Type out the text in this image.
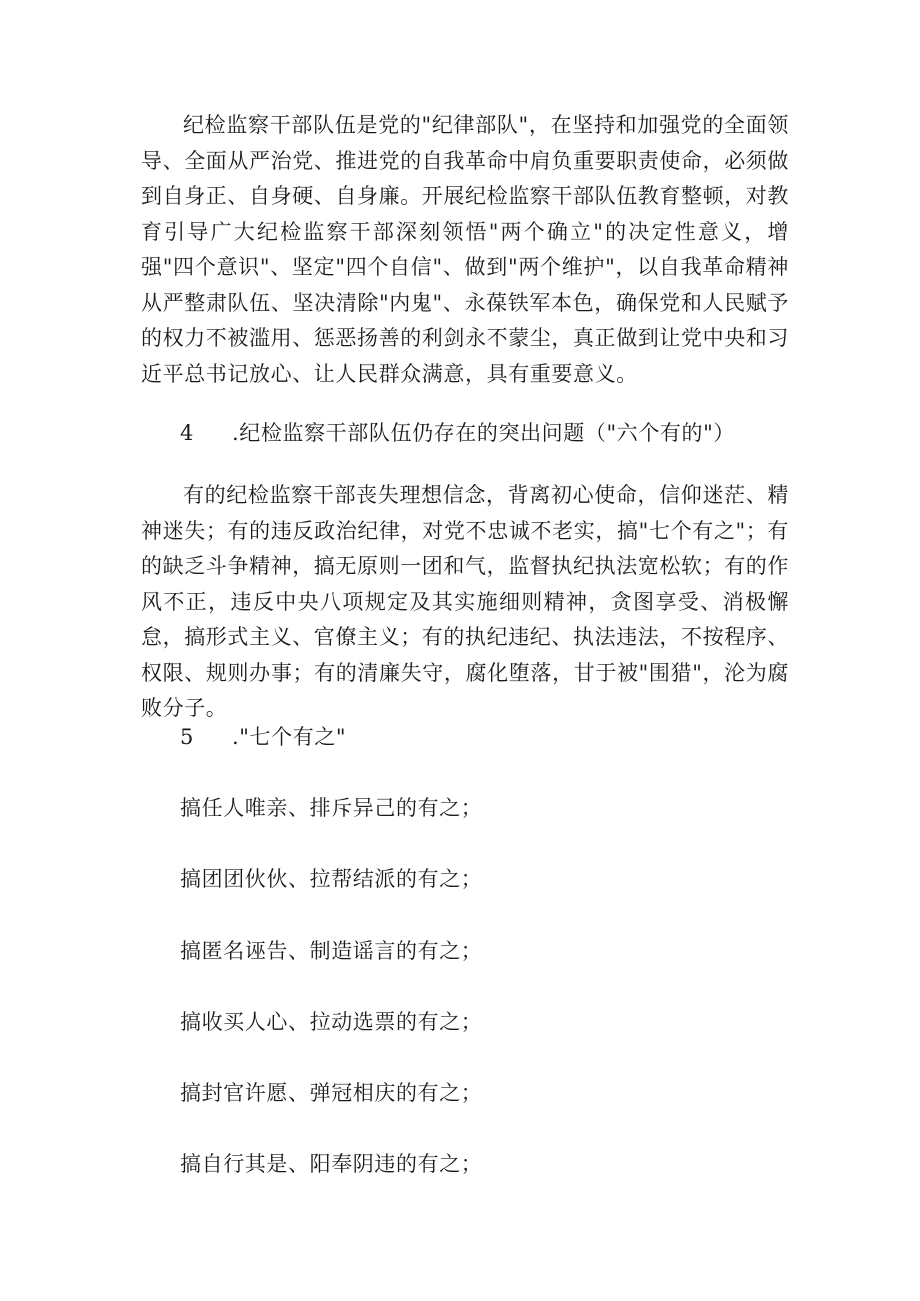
纪检监察干部队伍是党的"纪律部队"，在坚持和加强党的全面领导、全面从严治党、推进党的自我革命中肩负重要职责使命，必须做到自身正、自身硬、自身廉。开展纪检监察干部队伍教育整顿，对教育引导广大纪检监察干部深刻领悟"两个确立"的决定性意义，增强"四个意识"、坚定"四个自信"、做到"两个维护"，以自我革命精神从严整肃队伍、坚决清除"内鬼"、永葆铁军本色，确保党和人民赋予的权力不被滥用、惩恶扬善的利剑永不蒙尘，真正做到让党中央和习近平总书记放心、让人民群众满意，具有重要意义。

4 .纪检监察干部队伍仍存在的突出问题（"六个有的"）

有的纪检监察干部丧失理想信念，背离初心使命，信仰迷茫、精神迷失；有的违反政治纪律，对党不忠诚不老实，搞"七个有之"；有的缺乏斗争精神，搞无原则一团和气，监督执纪执法宽松软；有的作风不正，违反中央八项规定及其实施细则精神，贪图享受、消极懈怠，搞形式主义、官僚主义；有的执纪违纪、执法违法，不按程序、权限、规则办事；有的清廉失守，腐化堕落，甘于被"围猎"，沦为腐败分子。

5 ."七个有之"

搞任人唯亲、排斥异己的有之；

搞团团伙伙、拉帮结派的有之；

搞匿名诬告、制造谣言的有之；

搞收买人心、拉动选票的有之；

搞封官许愿、弹冠相庆的有之；

搞自行其是、阳奉阴违的有之；
